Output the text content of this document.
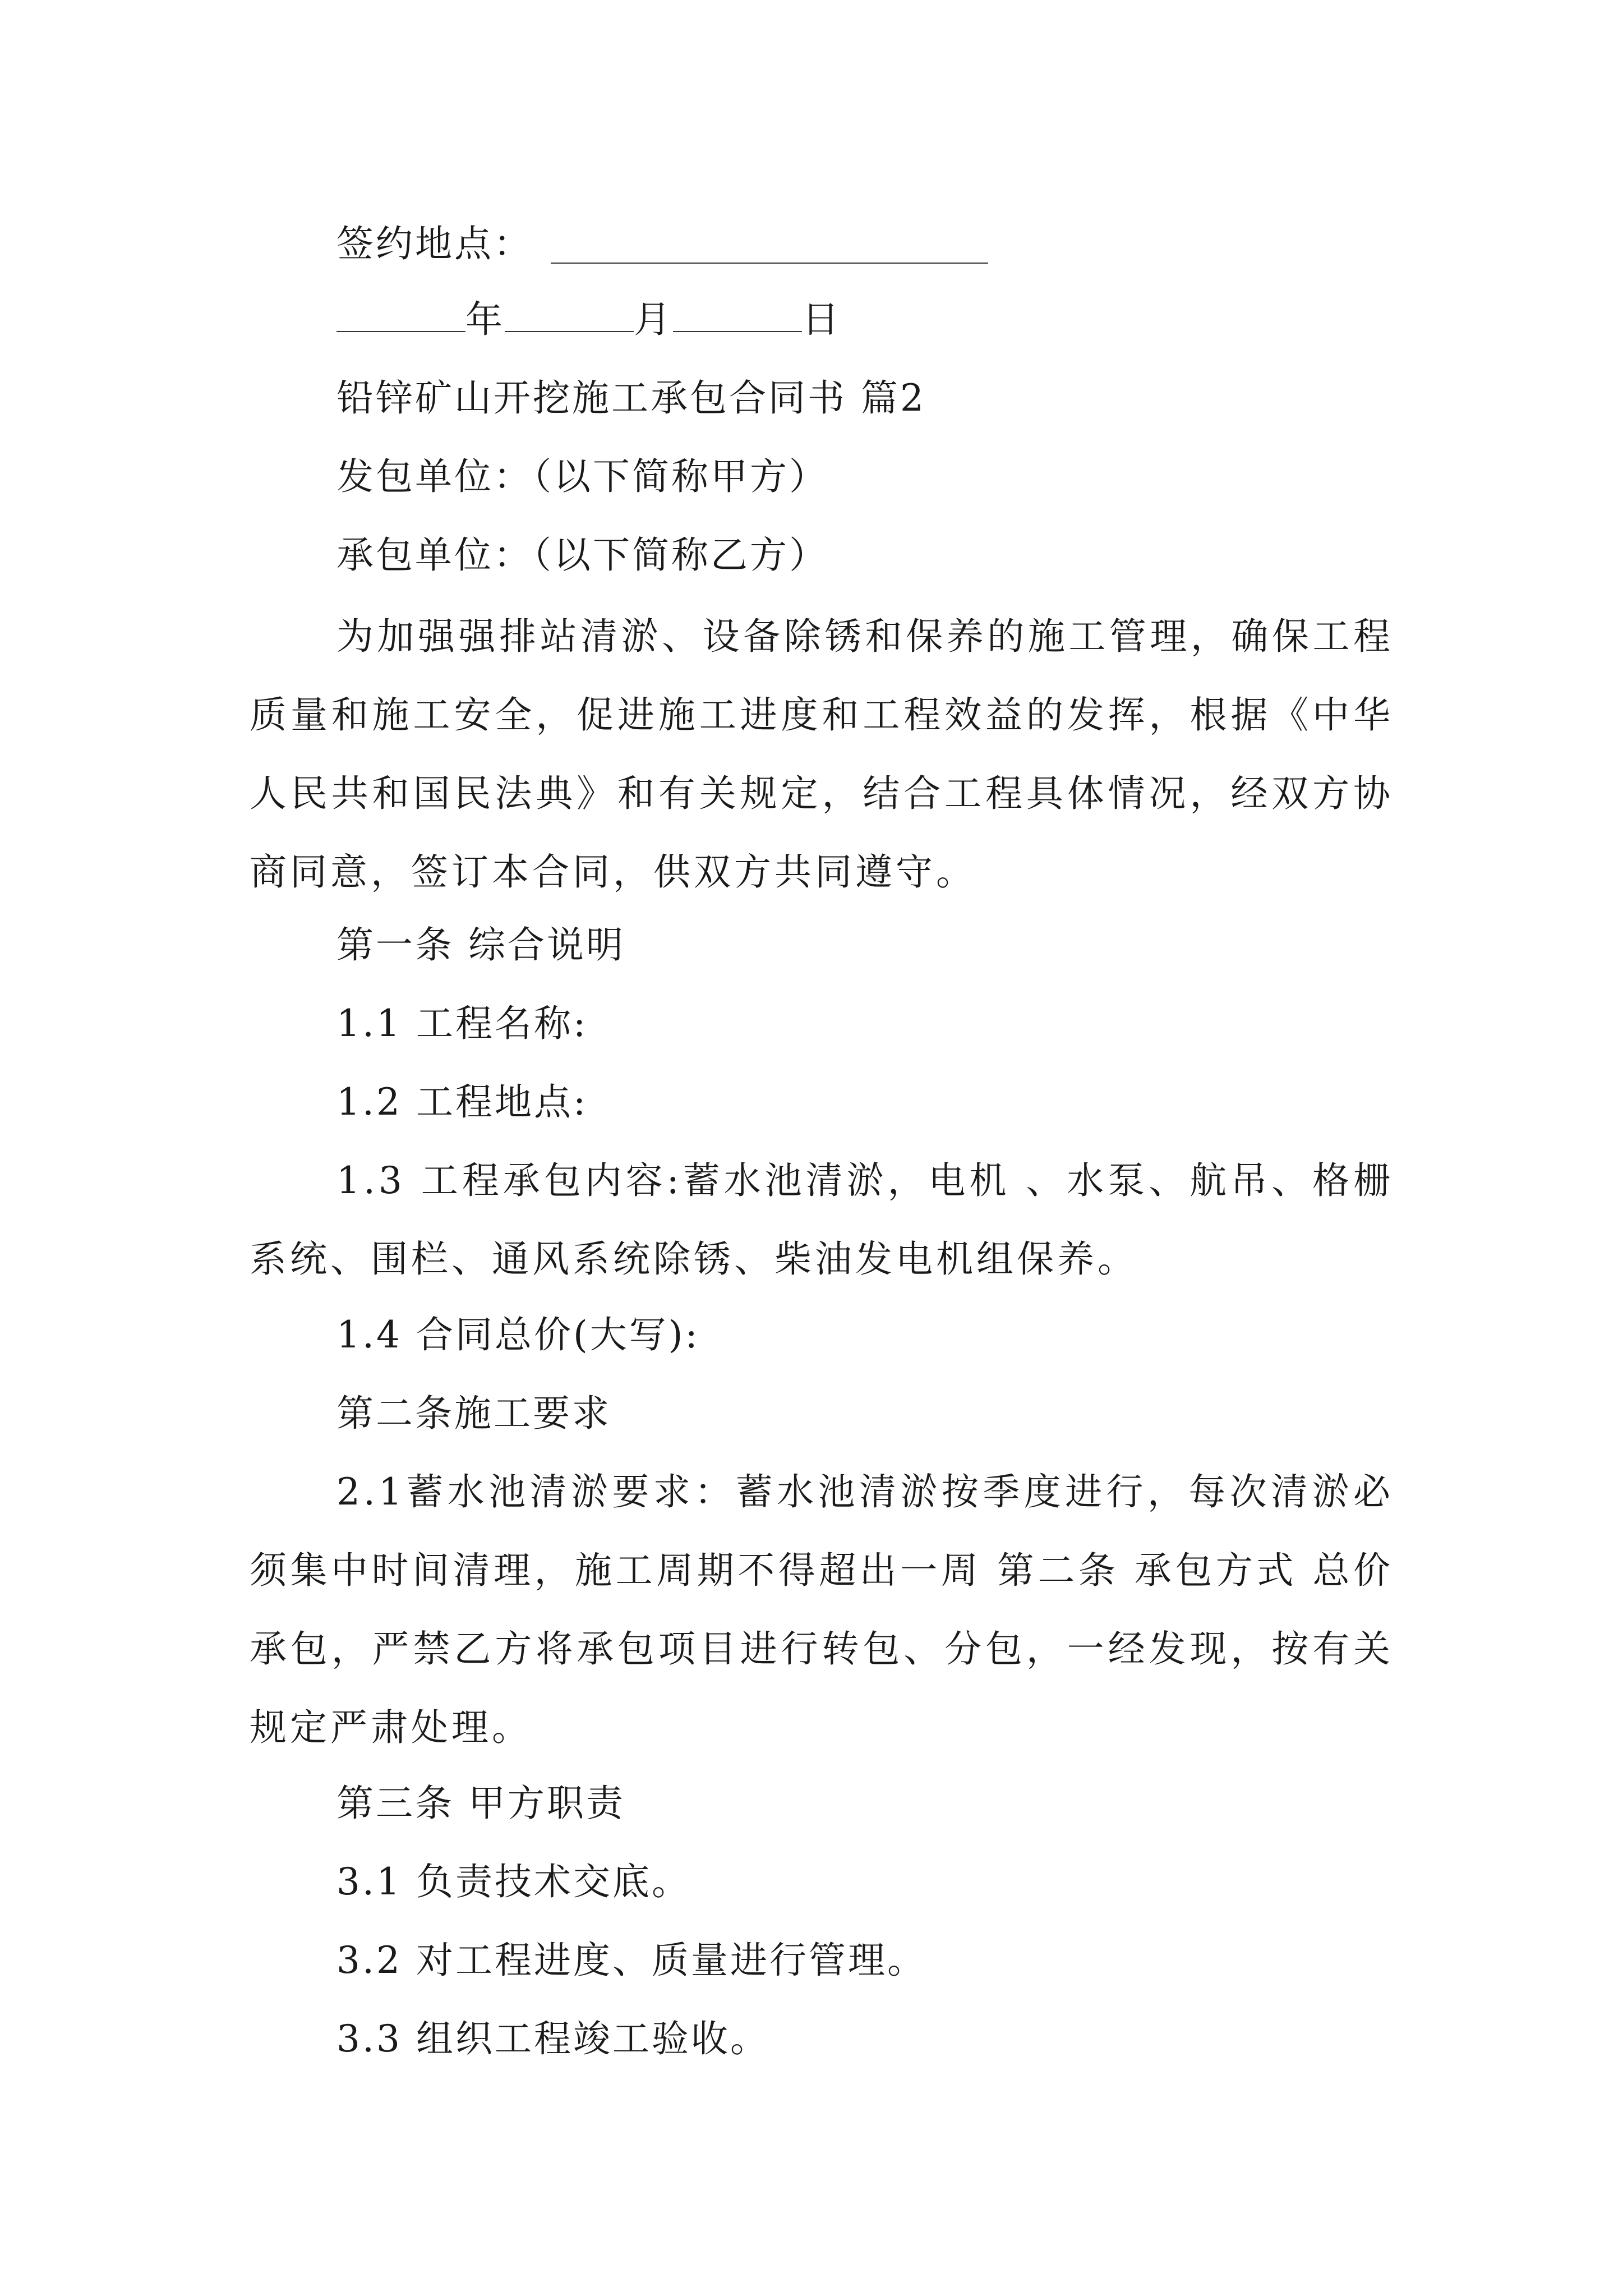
签约地点：
年	月	日
铅锌矿山开挖施工承包合同书 篇2
发包单位：（以下简称甲方）
承包单位：（以下简称乙方）
为加强强排站清淤、设备除锈和保养的施工管理，确保工程质量和施工安全，促进施工进度和工程效益的发挥，根据《中华人民共和国民法典》和有关规定，结合工程具体情况，经双方协商同意，签订本合同，供双方共同遵守。
第一条 综合说明
1.1 工程名称:
1.2 工程地点:
1.3 工程承包内容:蓄水池清淤，电机 、水泵、航吊、格栅系统、围栏、通风系统除锈、柴油发电机组保养。
1.4 合同总价(大写):
第二条施工要求
2.1蓄水池清淤要求：蓄水池清淤按季度进行，每次清淤必须集中时间清理，施工周期不得超出一周 第二条 承包方式 总价承包，严禁乙方将承包项目进行转包、分包，一经发现，按有关规定严肃处理。
第三条 甲方职责
3.1 负责技术交底。
3.2 对工程进度、质量进行管理。
3.3 组织工程竣工验收。
